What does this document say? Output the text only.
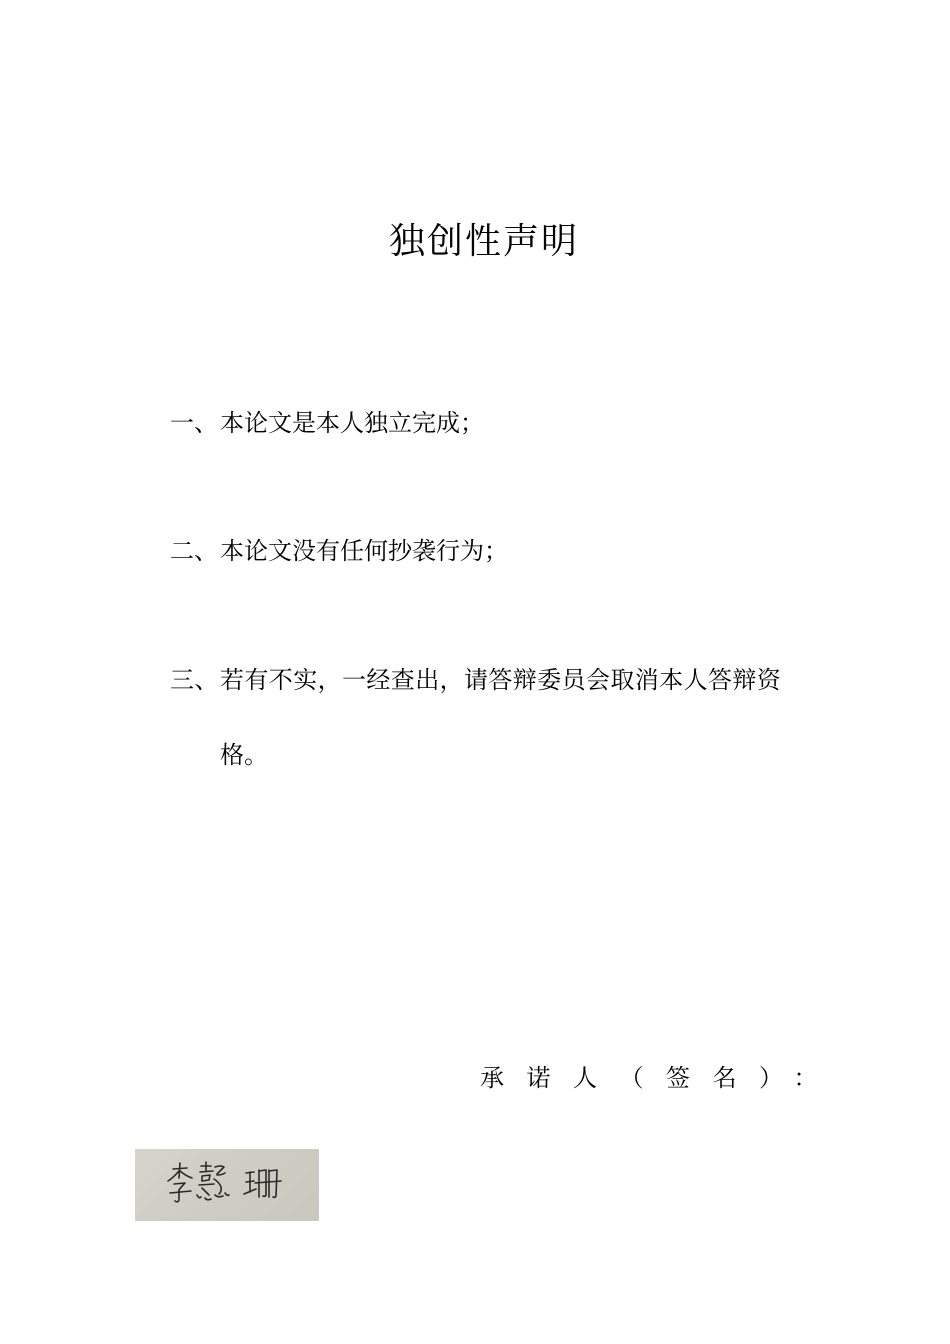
独创性声明
一、本论文是本人独立完成；
二、本论文没有任何抄袭行为；
三、若有不实，一经查出，请答辩委员会取消本人答辩资
格。
承诺人（签名）：
